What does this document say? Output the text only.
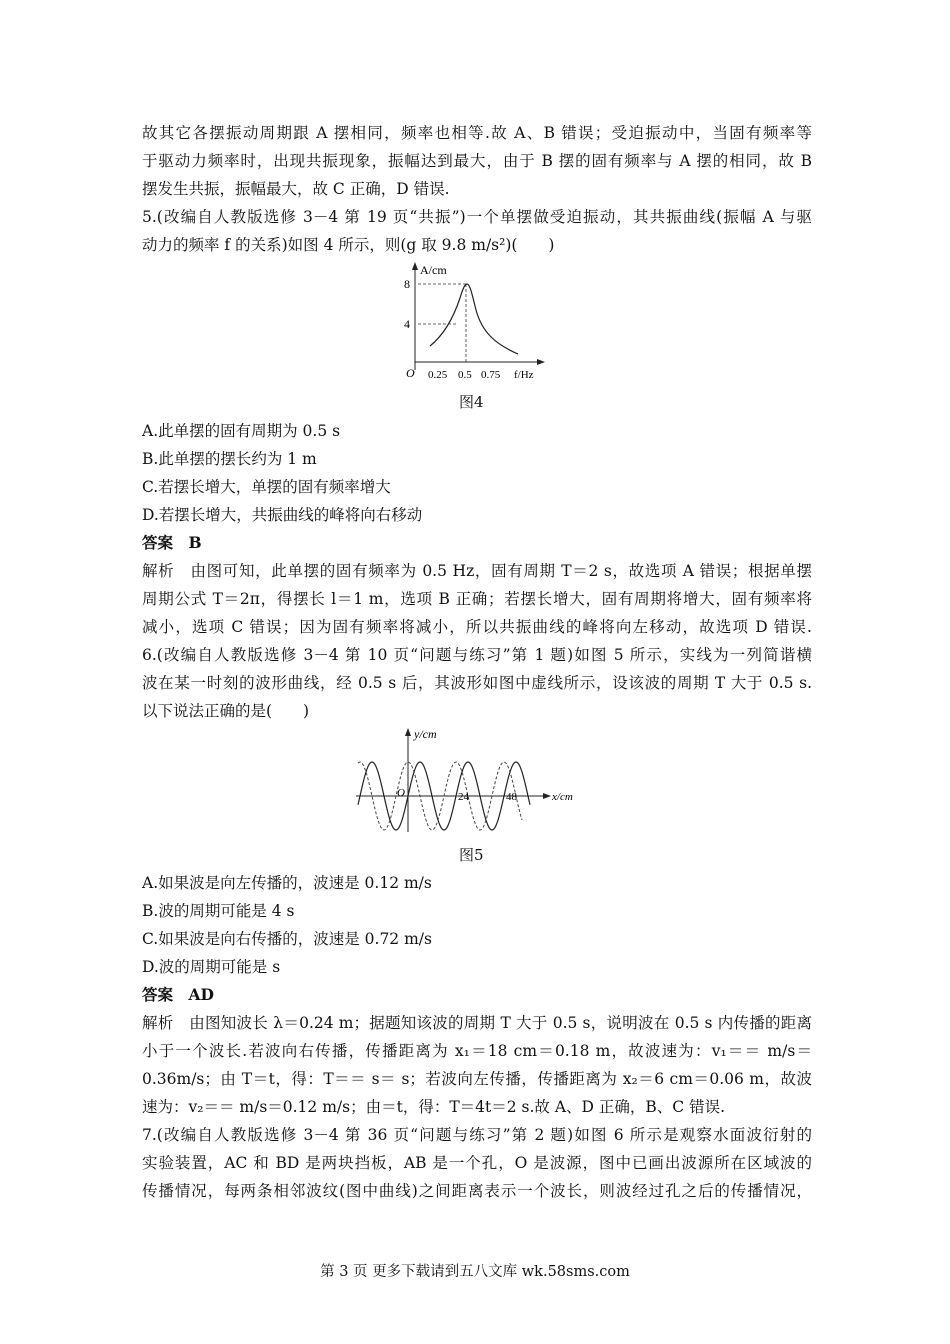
故其它各摆振动周期跟 A 摆相同，频率也相等.故 A、B 错误；受迫振动中，当固有频率等
于驱动力频率时，出现共振现象，振幅达到最大，由于 B 摆的固有频率与 A 摆的相同，故 B
摆发生共振，振幅最大，故 C 正确，D 错误.
5.(改编自人教版选修 3－4 第 19 页“共振”)一个单摆做受迫振动，其共振曲线(振幅 A 与驱
动力的频率 f 的关系)如图 4 所示，则(g 取 9.8 m/s²)(　　)
A/cm
8
4
O 0.25 0.5 0.75 f/Hz
图4
A.此单摆的固有周期为 0.5 s
B.此单摆的摆长约为 1 m
C.若摆长增大，单摆的固有频率增大
D.若摆长增大，共振曲线的峰将向右移动
答案　B
解析　由图可知，此单摆的固有频率为 0.5 Hz，固有周期 T＝2 s，故选项 A 错误；根据单摆
周期公式 T＝2π，得摆长 l＝1 m，选项 B 正确；若摆长增大，固有周期将增大，固有频率将
减小，选项 C 错误；因为固有频率将减小，所以共振曲线的峰将向左移动，故选项 D 错误.
6.(改编自人教版选修 3－4 第 10 页“问题与练习”第 1 题)如图 5 所示，实线为一列简谐横
波在某一时刻的波形曲线，经 0.5 s 后，其波形如图中虚线所示，设该波的周期 T 大于 0.5 s.
以下说法正确的是(　　)
y/cm
O	24	48	x/cm
图5
A.如果波是向左传播的，波速是 0.12 m/s
B.波的周期可能是 4 s
C.如果波是向右传播的，波速是 0.72 m/s
D.波的周期可能是 s
答案　AD
解析　由图知波长 λ＝0.24 m；据题知该波的周期 T 大于 0.5 s，说明波在 0.5 s 内传播的距离
小于一个波长.若波向右传播，传播距离为 x₁＝18 cm＝0.18 m，故波速为：v₁＝＝ m/s＝
0.36m/s；由 T＝t，得：T＝＝ s＝ s；若波向左传播，传播距离为 x₂＝6 cm＝0.06 m，故波
速为：v₂＝＝ m/s＝0.12 m/s；由＝t，得：T＝4t＝2 s.故 A、D 正确，B、C 错误.
7.(改编自人教版选修 3－4 第 36 页“问题与练习”第 2 题)如图 6 所示是观察水面波衍射的
实验装置，AC 和 BD 是两块挡板，AB 是一个孔，O 是波源，图中已画出波源所在区域波的
传播情况，每两条相邻波纹(图中曲线)之间距离表示一个波长，则波经过孔之后的传播情况，
第 3 页 更多下载请到五八文库 wk.58sms.com
